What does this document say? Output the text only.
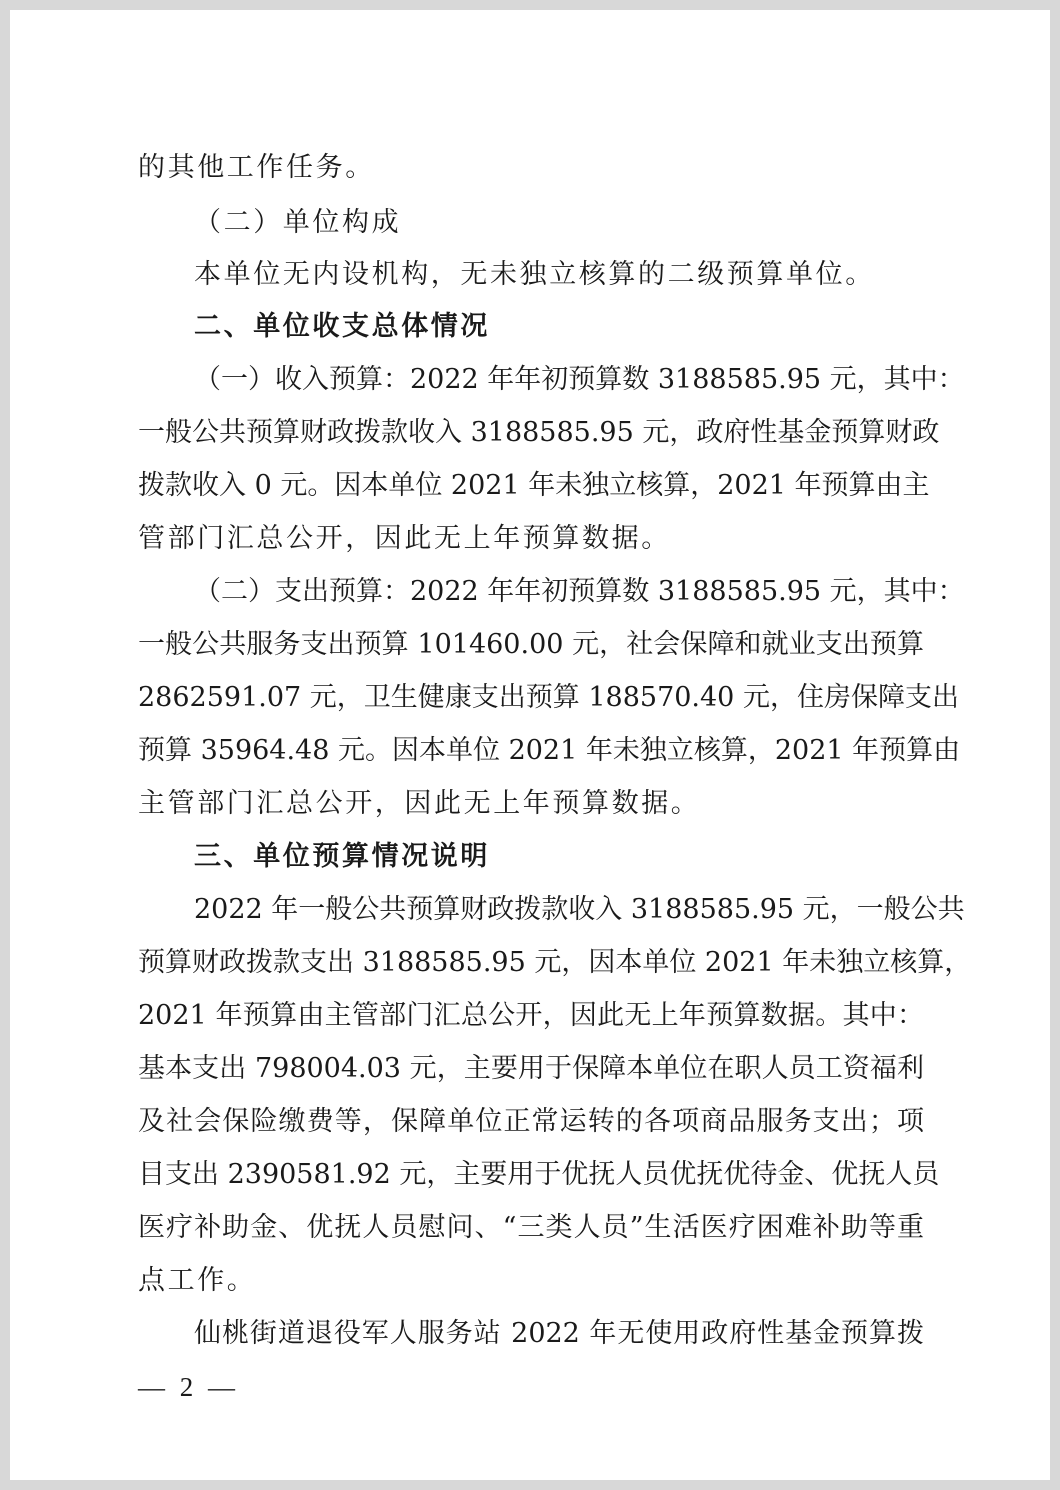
的其他工作任务。
（二）单位构成
本单位无内设机构，无未独立核算的二级预算单位。
二、单位收支总体情况
（一）收入预算：2022 年年初预算数 3188585.95 元，其中：
一般公共预算财政拨款收入 3188585.95 元，政府性基金预算财政
拨款收入 0 元。因本单位 2021 年未独立核算，2021 年预算由主
管部门汇总公开，因此无上年预算数据。
（二）支出预算：2022 年年初预算数 3188585.95 元，其中：
一般公共服务支出预算 101460.00 元，社会保障和就业支出预算
2862591.07 元，卫生健康支出预算 188570.40 元，住房保障支出
预算 35964.48 元。因本单位 2021 年未独立核算，2021 年预算由
主管部门汇总公开，因此无上年预算数据。
三、单位预算情况说明
2022 年一般公共预算财政拨款收入 3188585.95 元，一般公共
预算财政拨款支出 3188585.95 元，因本单位 2021 年未独立核算，
2021 年预算由主管部门汇总公开，因此无上年预算数据。其中：
基本支出 798004.03 元，主要用于保障本单位在职人员工资福利
及社会保险缴费等，保障单位正常运转的各项商品服务支出；项
目支出 2390581.92 元，主要用于优抚人员优抚优待金、优抚人员
医疗补助金、优抚人员慰问、“三类人员”生活医疗困难补助等重
点工作。
仙桃街道退役军人服务站 2022 年无使用政府性基金预算拨
— 2 —
